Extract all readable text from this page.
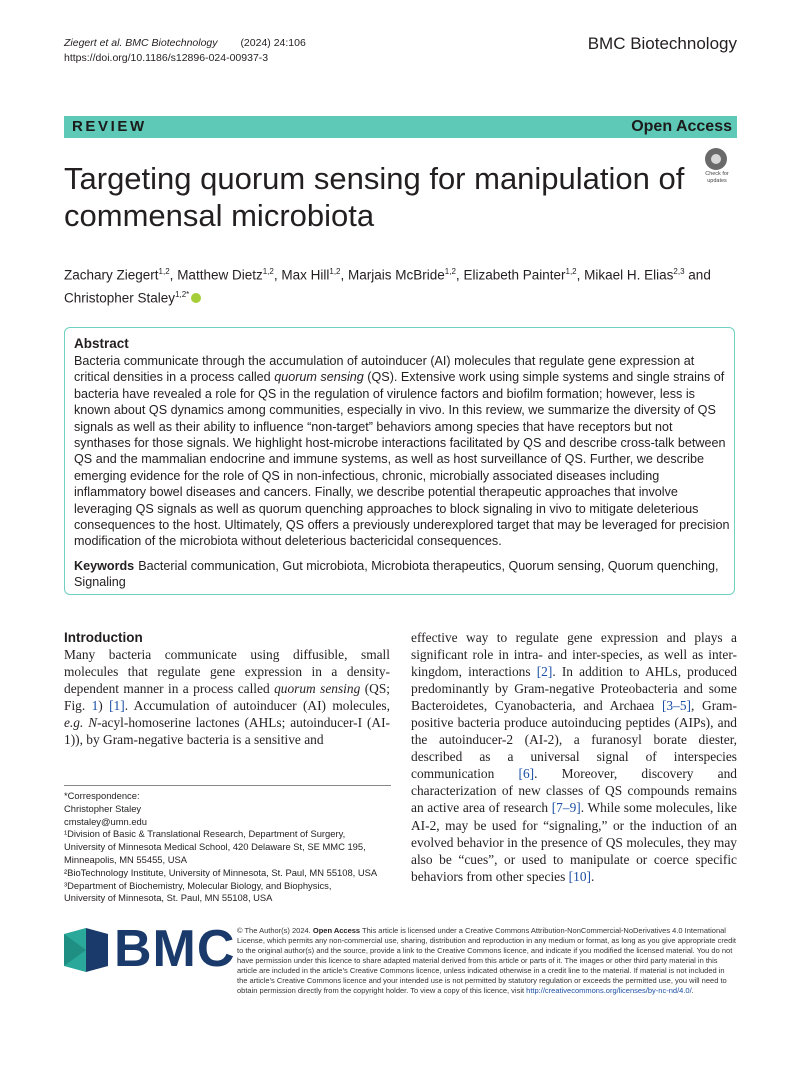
Ziegert et al. BMC Biotechnology (2024) 24:106
https://doi.org/10.1186/s12896-024-00937-3
BMC Biotechnology
REVIEW	Open Access
Targeting quorum sensing for manipulation of commensal microbiota
Check for updates
Zachary Ziegert$^{1,2}$, Matthew Dietz$^{1,2}$, Max Hill$^{1,2}$, Marjais McBride$^{1,2}$, Elizabeth Painter$^{1,2}$, Mikael H. Elias$^{2,3}$ and Christopher Staley$^{1,2*}$
Abstract
Bacteria communicate through the accumulation of autoinducer (AI) molecules that regulate gene expression at critical densities in a process called quorum sensing (QS). Extensive work using simple systems and single strains of bacteria have revealed a role for QS in the regulation of virulence factors and biofilm formation; however, less is known about QS dynamics among communities, especially in vivo. In this review, we summarize the diversity of QS signals as well as their ability to influence “non-target” behaviors among species that have receptors but not synthases for those signals. We highlight host-microbe interactions facilitated by QS and describe cross-talk between QS and the mammalian endocrine and immune systems, as well as host surveillance of QS. Further, we describe emerging evidence for the role of QS in non-infectious, chronic, microbially associated diseases including inflammatory bowel diseases and cancers. Finally, we describe potential therapeutic approaches that involve leveraging QS signals as well as quorum quenching approaches to block signaling in vivo to mitigate deleterious consequences to the host. Ultimately, QS offers a previously underexplored target that may be leveraged for precision modification of the microbiota without deleterious bactericidal consequences.
Keywords Bacterial communication, Gut microbiota, Microbiota therapeutics, Quorum sensing, Quorum quenching, Signaling
Introduction
Many bacteria communicate using diffusible, small molecules that regulate gene expression in a density-dependent manner in a process called quorum sensing (QS; Fig. 1) [1]. Accumulation of autoinducer (AI) molecules, e.g. N-acyl-homoserine lactones (AHLs; autoinducer-I (AI-1)), by Gram-negative bacteria is a sensitive and
effective way to regulate gene expression and plays a significant role in intra- and inter-species, as well as inter-kingdom, interactions [2]. In addition to AHLs, produced predominantly by Gram-negative Proteobacteria and some Bacteroidetes, Cyanobacteria, and Archaea [3–5], Gram-positive bacteria produce autoinducing peptides (AIPs), and the autoinducer-2 (AI-2), a furanosyl borate diester, described as a universal signal of interspecies communication [6]. Moreover, discovery and characterization of new classes of QS compounds remains an active area of research [7–9]. While some molecules, like AI-2, may be used for “signaling,” or the induction of an evolved behavior in the presence of QS molecules, they may also be “cues”, or used to manipulate or coerce specific behaviors from other species [10].
*Correspondence:
Christopher Staley
cmstaley@umn.edu
¹Division of Basic & Translational Research, Department of Surgery,
University of Minnesota Medical School, 420 Delaware St, SE MMC 195,
Minneapolis, MN 55455, USA
²BioTechnology Institute, University of Minnesota, St. Paul, MN 55108, USA
³Department of Biochemistry, Molecular Biology, and Biophysics,
University of Minnesota, St. Paul, MN 55108, USA
BMC © The Author(s) 2024. Open Access This article is licensed under a Creative Commons Attribution-NonCommercial-NoDerivatives 4.0 International License, which permits any non-commercial use, sharing, distribution and reproduction in any medium or format, as long as you give appropriate credit to the original author(s) and the source, provide a link to the Creative Commons licence, and indicate if you modified the licensed material. You do not have permission under this licence to share adapted material derived from this article or parts of it. The images or other third party material in this article are included in the article’s Creative Commons licence, unless indicated otherwise in a credit line to the material. If material is not included in the article’s Creative Commons licence and your intended use is not permitted by statutory regulation or exceeds the permitted use, you will need to obtain permission directly from the copyright holder. To view a copy of this licence, visit http://creativecommons.org/licenses/by-nc-nd/4.0/.
